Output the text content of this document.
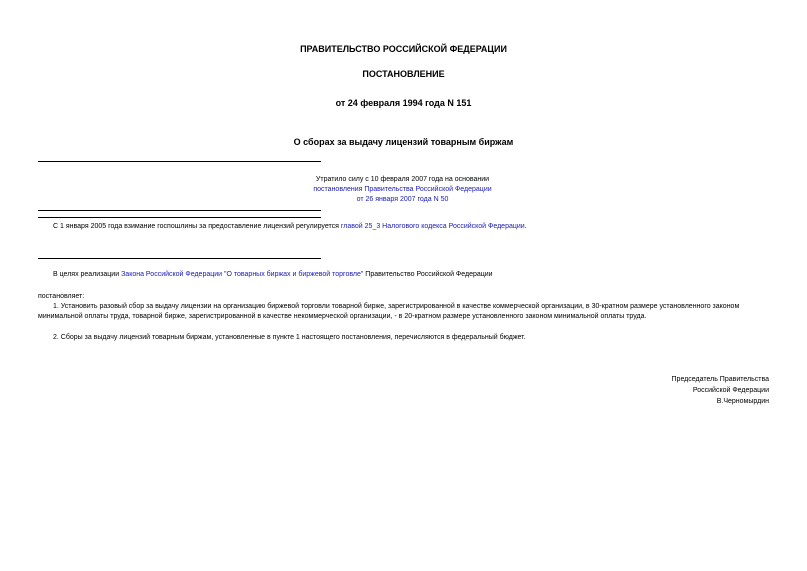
ПРАВИТЕЛЬСТВО РОССИЙСКОЙ ФЕДЕРАЦИИ
ПОСТАНОВЛЕНИЕ
от 24 февраля 1994 года N 151
О сборах за выдачу лицензий товарным биржам
Утратило силу с 10 февраля 2007 года на основании
постановления Правительства Российской Федерации
от 26 января 2007 года N 50
С 1 января 2005 года взимание госпошлины за предоставление лицензий регулируется главой 25_3 Налогового кодекса Российской Федерации.
В целях реализации Закона Российской Федерации "О товарных биржах и биржевой торговле" Правительство Российской Федерации
постановляет:
1. Установить разовый сбор за выдачу лицензии на организацию биржевой торговли товарной бирже, зарегистрированной в качестве коммерческой организации, в 30-кратном размере установленного законом минимальной оплаты труда, товарной бирже, зарегистрированной в качестве некоммерческой организации, - в 20-кратном размере установленного законом минимальной оплаты труда.
2. Сборы за выдачу лицензий товарным биржам, установленные в пункте 1 настоящего постановления, перечисляются в федеральный бюджет.
Председатель Правительства
Российской Федерации
В.Черномырдин
